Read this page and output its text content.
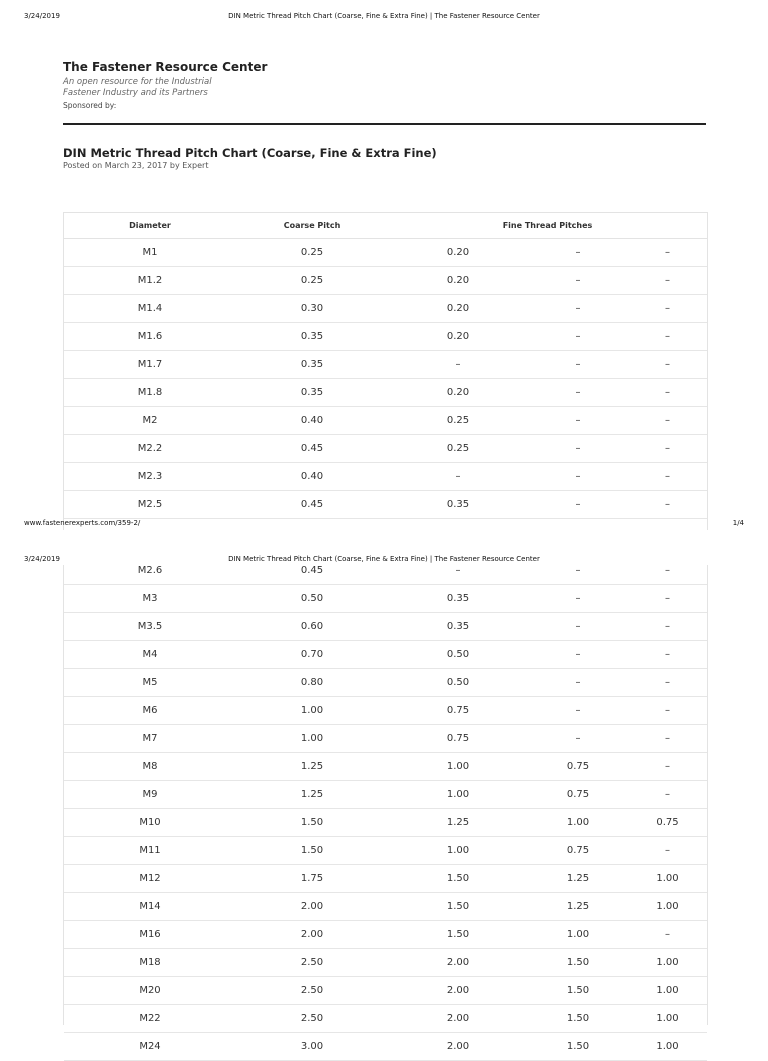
3/24/2019	DIN Metric Thread Pitch Chart (Coarse, Fine & Extra Fine) | The Fastener Resource Center
The Fastener Resource Center
An open resource for the Industrial Fastener Industry and its Partners
Sponsored by:
DIN Metric Thread Pitch Chart (Coarse, Fine & Extra Fine)
Posted on March 23, 2017 by Expert
Diameter	Coarse Pitch	Fine Thread Pitches		
M1	0.25	0.20	–	–
M1.2	0.25	0.20	–	–
M1.4	0.30	0.20	–	–
M1.6	0.35	0.20	–	–
M1.7	0.35	–	–	–
M1.8	0.35	0.20	–	–
M2	0.40	0.25	–	–
M2.2	0.45	0.25	–	–
M2.3	0.40	–	–	–
M2.5	0.45	0.35	–	–
www.fastenerexperts.com/359-2/	1/4
3/24/2019	DIN Metric Thread Pitch Chart (Coarse, Fine & Extra Fine) | The Fastener Resource Center
M2.6	0.45	–	–	–
M3	0.50	0.35	–	–
M3.5	0.60	0.35	–	–
M4	0.70	0.50	–	–
M5	0.80	0.50	–	–
M6	1.00	0.75	–	–
M7	1.00	0.75	–	–
M8	1.25	1.00	0.75	–
M9	1.25	1.00	0.75	–
M10	1.50	1.25	1.00	0.75
M11	1.50	1.00	0.75	–
M12	1.75	1.50	1.25	1.00
M14	2.00	1.50	1.25	1.00
M16	2.00	1.50	1.00	–
M18	2.50	2.00	1.50	1.00
M20	2.50	2.00	1.50	1.00
M22	2.50	2.00	1.50	1.00
M24	3.00	2.00	1.50	1.00
